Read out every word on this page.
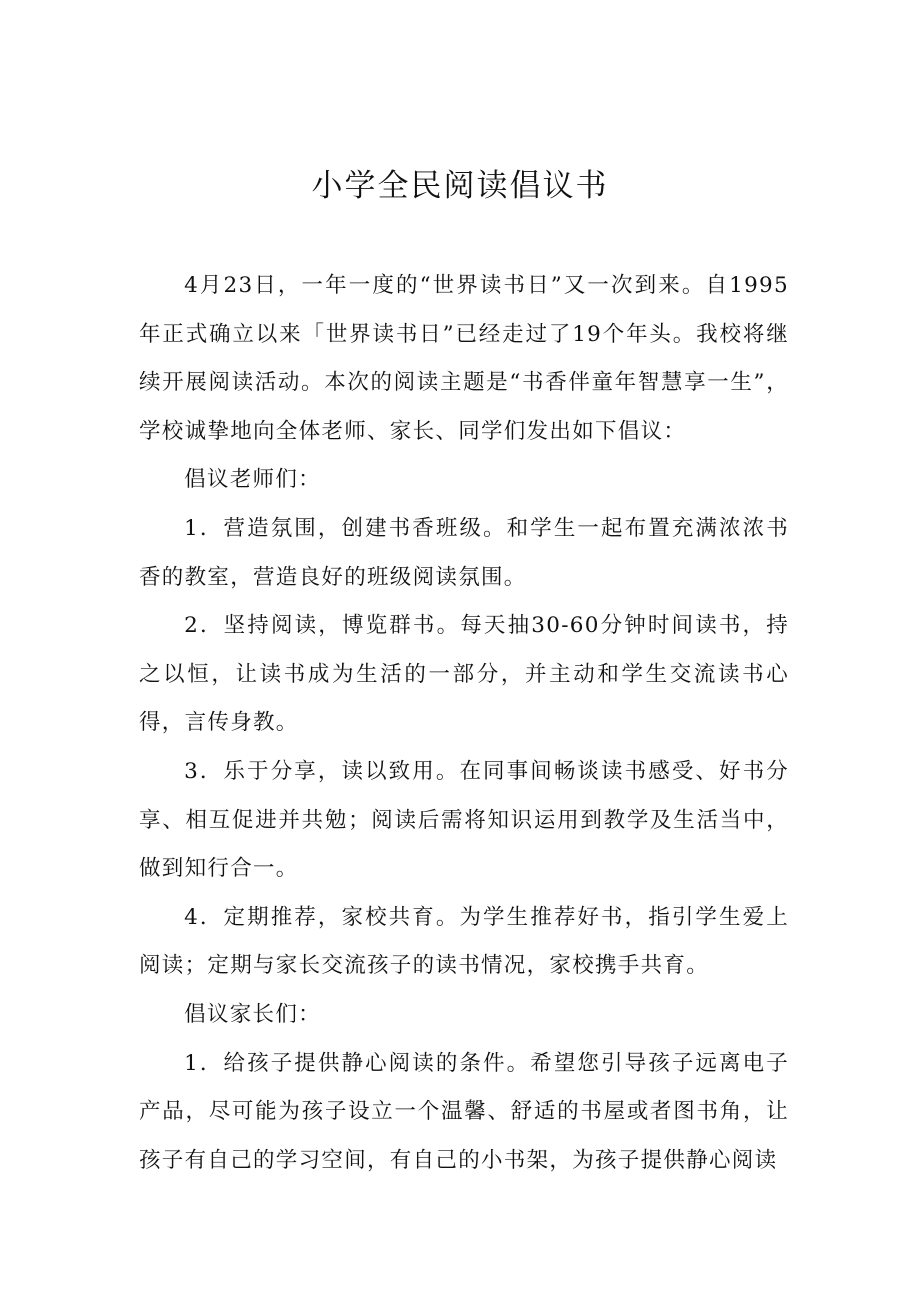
小学全民阅读倡议书

4月23日，一年一度的“世界读书日”又一次到来。自1995年正式确立以来「世界读书日”已经走过了19个年头。我校将继续开展阅读活动。本次的阅读主题是“书香伴童年智慧享一生”，学校诚挚地向全体老师、家长、同学们发出如下倡议：

倡议老师们：

1．营造氛围，创建书香班级。和学生一起布置充满浓浓书香的教室，营造良好的班级阅读氛围。

2．坚持阅读，博览群书。每天抽30-60分钟时间读书，持之以恒，让读书成为生活的一部分，并主动和学生交流读书心得，言传身教。

3．乐于分享，读以致用。在同事间畅谈读书感受、好书分享、相互促进并共勉；阅读后需将知识运用到教学及生活当中，做到知行合一。

4．定期推荐，家校共育。为学生推荐好书，指引学生爱上阅读；定期与家长交流孩子的读书情况，家校携手共育。

倡议家长们：

1．给孩子提供静心阅读的条件。希望您引导孩子远离电子产品，尽可能为孩子设立一个温馨、舒适的书屋或者图书角，让孩子有自己的学习空间，有自己的小书架，为孩子提供静心阅读
